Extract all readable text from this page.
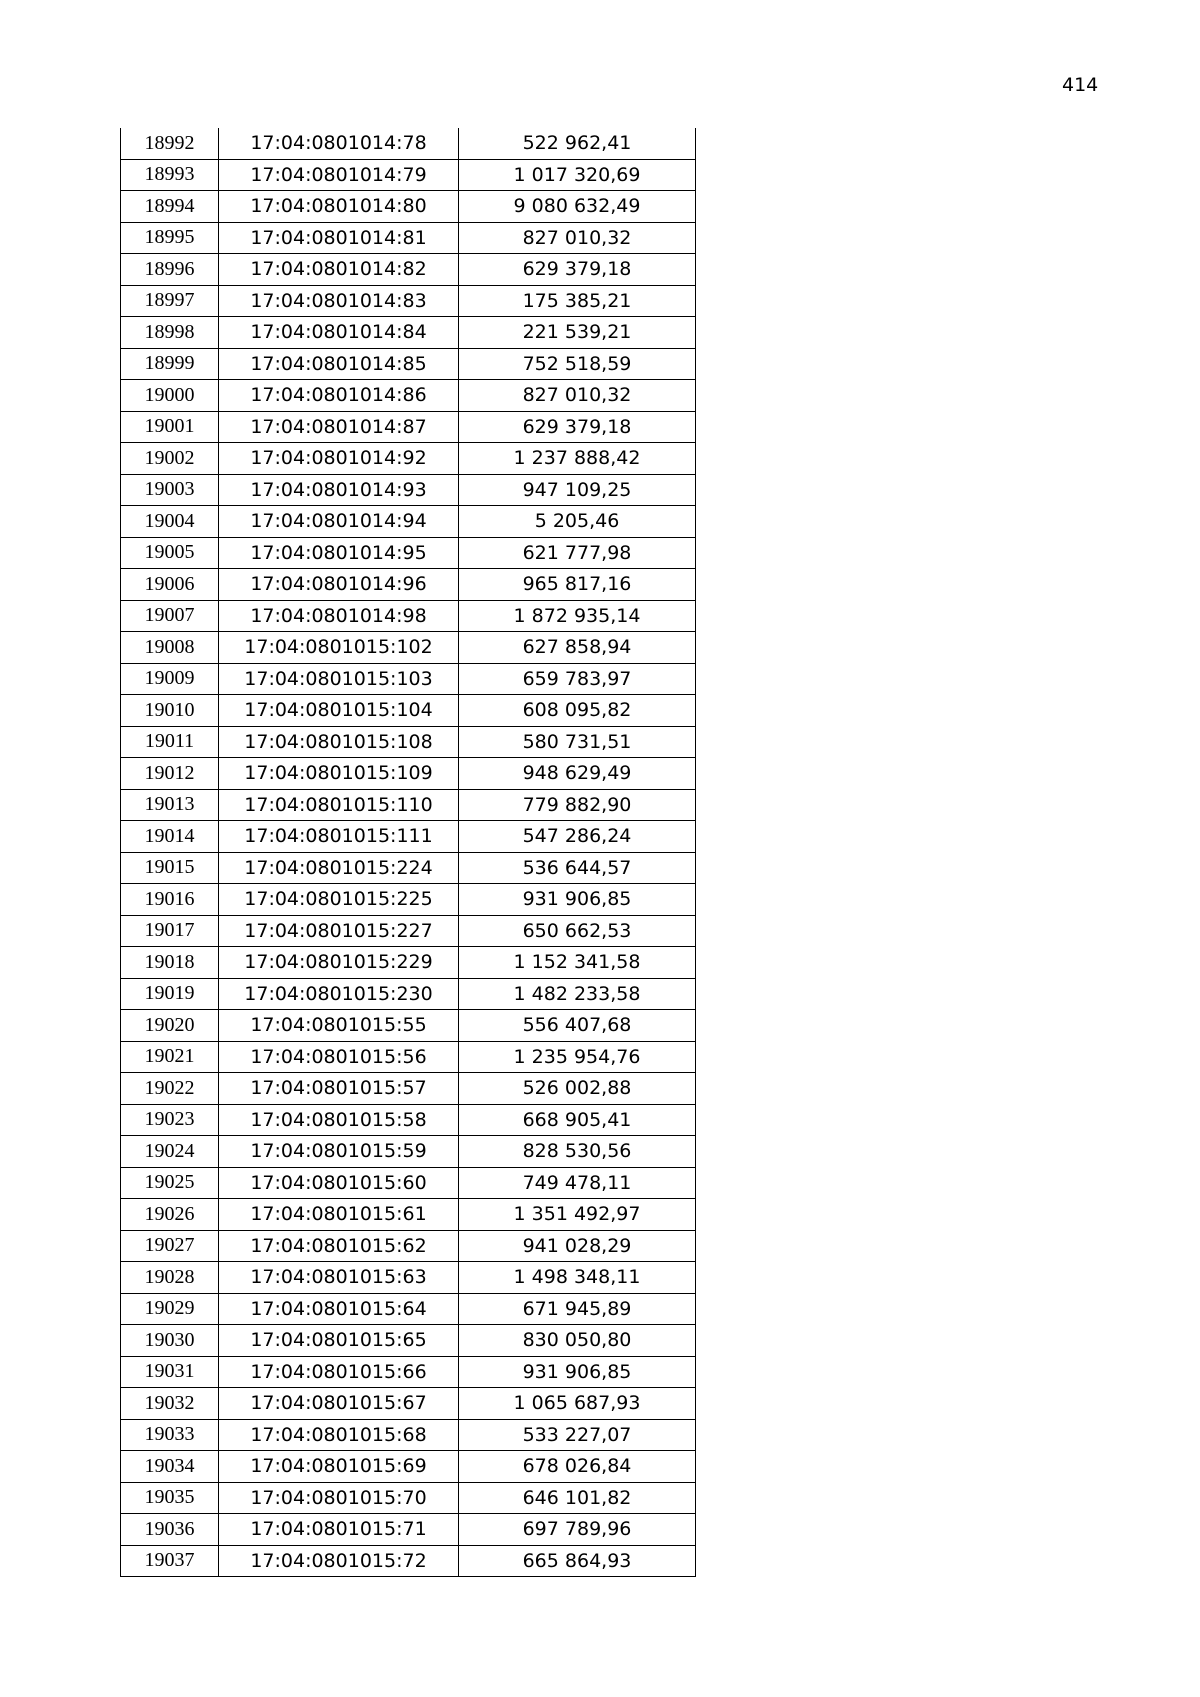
414
18992	17:04:0801014:78	522 962,41
18993	17:04:0801014:79	1 017 320,69
18994	17:04:0801014:80	9 080 632,49
18995	17:04:0801014:81	827 010,32
18996	17:04:0801014:82	629 379,18
18997	17:04:0801014:83	175 385,21
18998	17:04:0801014:84	221 539,21
18999	17:04:0801014:85	752 518,59
19000	17:04:0801014:86	827 010,32
19001	17:04:0801014:87	629 379,18
19002	17:04:0801014:92	1 237 888,42
19003	17:04:0801014:93	947 109,25
19004	17:04:0801014:94	5 205,46
19005	17:04:0801014:95	621 777,98
19006	17:04:0801014:96	965 817,16
19007	17:04:0801014:98	1 872 935,14
19008	17:04:0801015:102	627 858,94
19009	17:04:0801015:103	659 783,97
19010	17:04:0801015:104	608 095,82
19011	17:04:0801015:108	580 731,51
19012	17:04:0801015:109	948 629,49
19013	17:04:0801015:110	779 882,90
19014	17:04:0801015:111	547 286,24
19015	17:04:0801015:224	536 644,57
19016	17:04:0801015:225	931 906,85
19017	17:04:0801015:227	650 662,53
19018	17:04:0801015:229	1 152 341,58
19019	17:04:0801015:230	1 482 233,58
19020	17:04:0801015:55	556 407,68
19021	17:04:0801015:56	1 235 954,76
19022	17:04:0801015:57	526 002,88
19023	17:04:0801015:58	668 905,41
19024	17:04:0801015:59	828 530,56
19025	17:04:0801015:60	749 478,11
19026	17:04:0801015:61	1 351 492,97
19027	17:04:0801015:62	941 028,29
19028	17:04:0801015:63	1 498 348,11
19029	17:04:0801015:64	671 945,89
19030	17:04:0801015:65	830 050,80
19031	17:04:0801015:66	931 906,85
19032	17:04:0801015:67	1 065 687,93
19033	17:04:0801015:68	533 227,07
19034	17:04:0801015:69	678 026,84
19035	17:04:0801015:70	646 101,82
19036	17:04:0801015:71	697 789,96
19037	17:04:0801015:72	665 864,93
